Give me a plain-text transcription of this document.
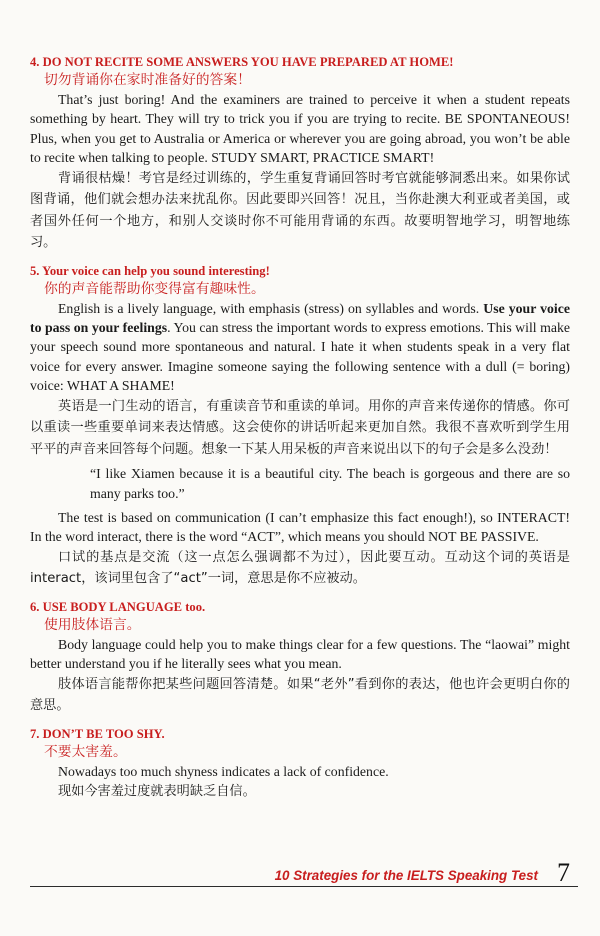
4. DO NOT RECITE SOME ANSWERS YOU HAVE PREPARED AT HOME!
切勿背诵你在家时准备好的答案！

That’s just boring! And the examiners are trained to perceive it when a student repeats something by heart. They will try to trick you if you are trying to recite. BE SPONTANEOUS! Plus, when you get to Australia or America or wherever you are going abroad, you won’t be able to recite when talking to people. STUDY SMART, PRACTICE SMART!

背诵很枯燥！考官是经过训练的，学生重复背诵回答时考官就能够洞悉出来。如果你试图背诵，他们就会想办法来扰乱你。因此要即兴回答！况且，当你赴澳大利亚或者美国，或者国外任何一个地方，和别人交谈时你不可能用背诵的东西。故要明智地学习，明智地练习。

5. Your voice can help you sound interesting!
你的声音能帮助你变得富有趣味性。

English is a lively language, with emphasis (stress) on syllables and words. Use your voice to pass on your feelings. You can stress the important words to express emotions. This will make your speech sound more spontaneous and natural. I hate it when students speak in a very flat voice for every answer. Imagine someone saying the following sentence with a dull (= boring) voice: WHAT A SHAME!

英语是一门生动的语言，有重读音节和重读的单词。用你的声音来传递你的情感。你可以重读一些重要单词来表达情感。这会使你的讲话听起来更加自然。我很不喜欢听到学生用平平的声音来回答每个问题。想象一下某人用呆板的声音来说出以下的句子会是多么没劲！

“I like Xiamen because it is a beautiful city. The beach is gorgeous and there are so many parks too.”

The test is based on communication (I can’t emphasize this fact enough!), so INTERACT! In the word interact, there is the word “ACT”, which means you should NOT BE PASSIVE.

口试的基点是交流（这一点怎么强调都不为过），因此要互动。互动这个词的英语是 interact，该词里包含了“act”一词，意思是你不应被动。

6. USE BODY LANGUAGE too.
使用肢体语言。

Body language could help you to make things clear for a few questions. The “laowai” might better understand you if he literally sees what you mean.

肢体语言能帮你把某些问题回答清楚。如果“老外”看到你的表达，他也许会更明白你的意思。

7. DON’T BE TOO SHY.
不要太害羞。

Nowadays too much shyness indicates a lack of confidence.

现如今害羞过度就表明缺乏自信。

10 Strategies for the IELTS Speaking Test 7
